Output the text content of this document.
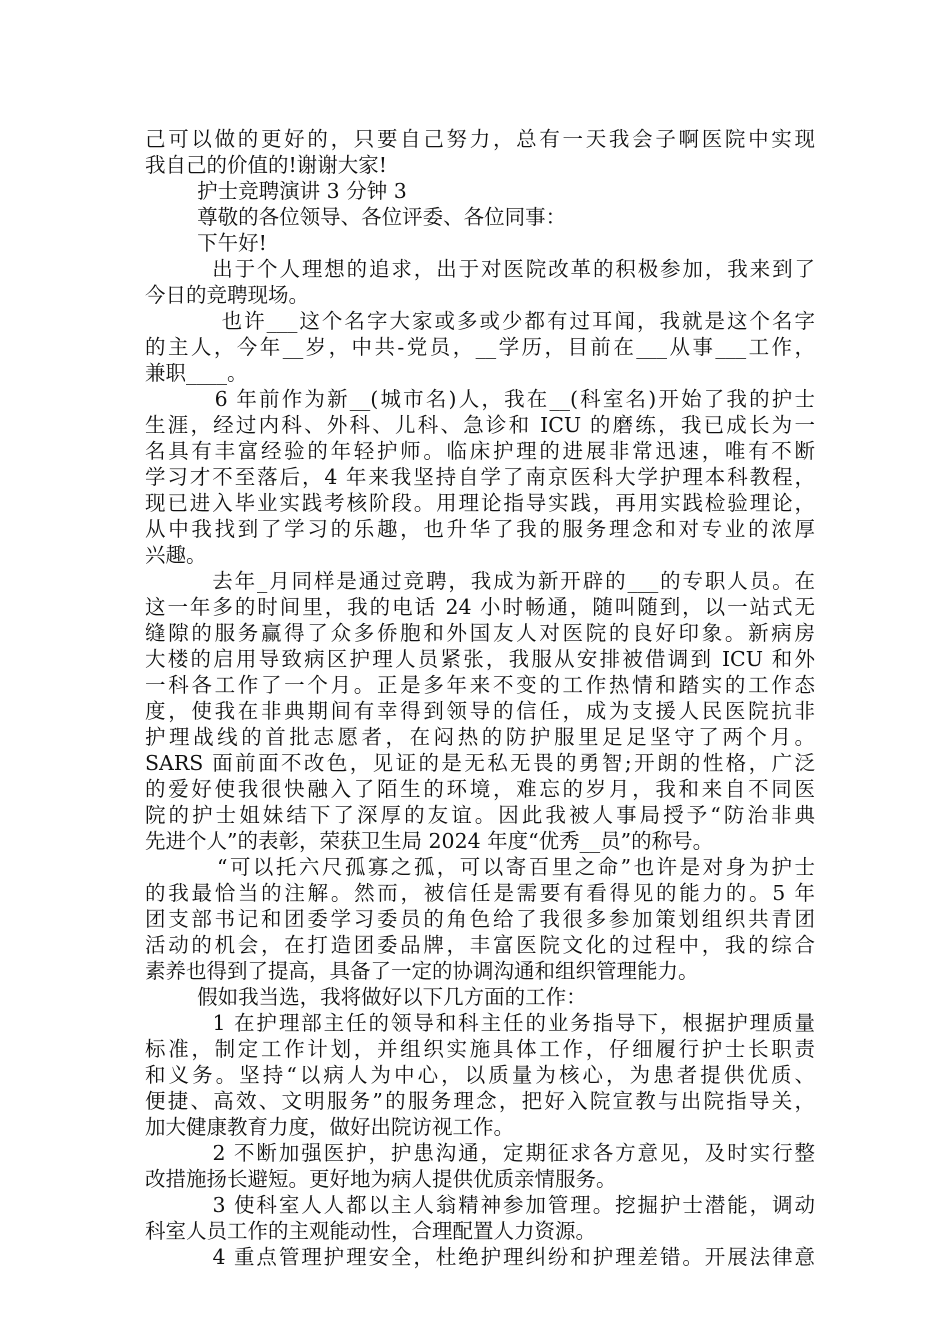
己可以做的更好的，只要自己努力，总有一天我会子啊医院中实现
我自己的价值的!谢谢大家!
护士竞聘演讲 3 分钟 3
尊敬的各位领导、各位评委、各位同事：
下午好!
出于个人理想的追求，出于对医院改革的积极参加，我来到了
今日的竞聘现场。
也许___这个名字大家或多或少都有过耳闻，我就是这个名字
的主人，今年__岁，中共-党员，__学历，目前在___从事___工作，
兼职____。
6 年前作为新__(城市名)人，我在__(科室名)开始了我的护士
生涯，经过内科、外科、儿科、急诊和 ICU 的磨练，我已成长为一
名具有丰富经验的年轻护师。临床护理的进展非常迅速，唯有不断
学习才不至落后，4 年来我坚持自学了南京医科大学护理本科教程，
现已进入毕业实践考核阶段。用理论指导实践，再用实践检验理论，
从中我找到了学习的乐趣，也升华了我的服务理念和对专业的浓厚
兴趣。
去年_月同样是通过竞聘，我成为新开辟的___的专职人员。在
这一年多的时间里，我的电话 24 小时畅通，随叫随到，以一站式无
缝隙的服务赢得了众多侨胞和外国友人对医院的良好印象。新病房
大楼的启用导致病区护理人员紧张，我服从安排被借调到 ICU 和外
一科各工作了一个月。正是多年来不变的工作热情和踏实的工作态
度，使我在非典期间有幸得到领导的信任，成为支援人民医院抗非
护理战线的首批志愿者，在闷热的防护服里足足坚守了两个月。
SARS 面前面不改色，见证的是无私无畏的勇智;开朗的性格，广泛
的爱好使我很快融入了陌生的环境，难忘的岁月，我和来自不同医
院的护士姐妹结下了深厚的友谊。因此我被人事局授予“防治非典
先进个人”的表彰，荣获卫生局 2024 年度“优秀__员”的称号。
“可以托六尺孤寡之孤，可以寄百里之命”也许是对身为护士
的我最恰当的注解。然而，被信任是需要有看得见的能力的。5 年
团支部书记和团委学习委员的角色给了我很多参加策划组织共青团
活动的机会，在打造团委品牌，丰富医院文化的过程中，我的综合
素养也得到了提高，具备了一定的协调沟通和组织管理能力。
假如我当选，我将做好以下几方面的工作：
1 在护理部主任的领导和科主任的业务指导下，根据护理质量
标准，制定工作计划，并组织实施具体工作，仔细履行护士长职责
和义务。坚持“以病人为中心，以质量为核心，为患者提供优质、
便捷、高效、文明服务”的服务理念，把好入院宣教与出院指导关，
加大健康教育力度，做好出院访视工作。
2 不断加强医护，护患沟通，定期征求各方意见，及时实行整
改措施扬长避短。更好地为病人提供优质亲情服务。
3 使科室人人都以主人翁精神参加管理。挖掘护士潜能，调动
科室人员工作的主观能动性，合理配置人力资源。
4 重点管理护理安全，杜绝护理纠纷和护理差错。开展法律意
